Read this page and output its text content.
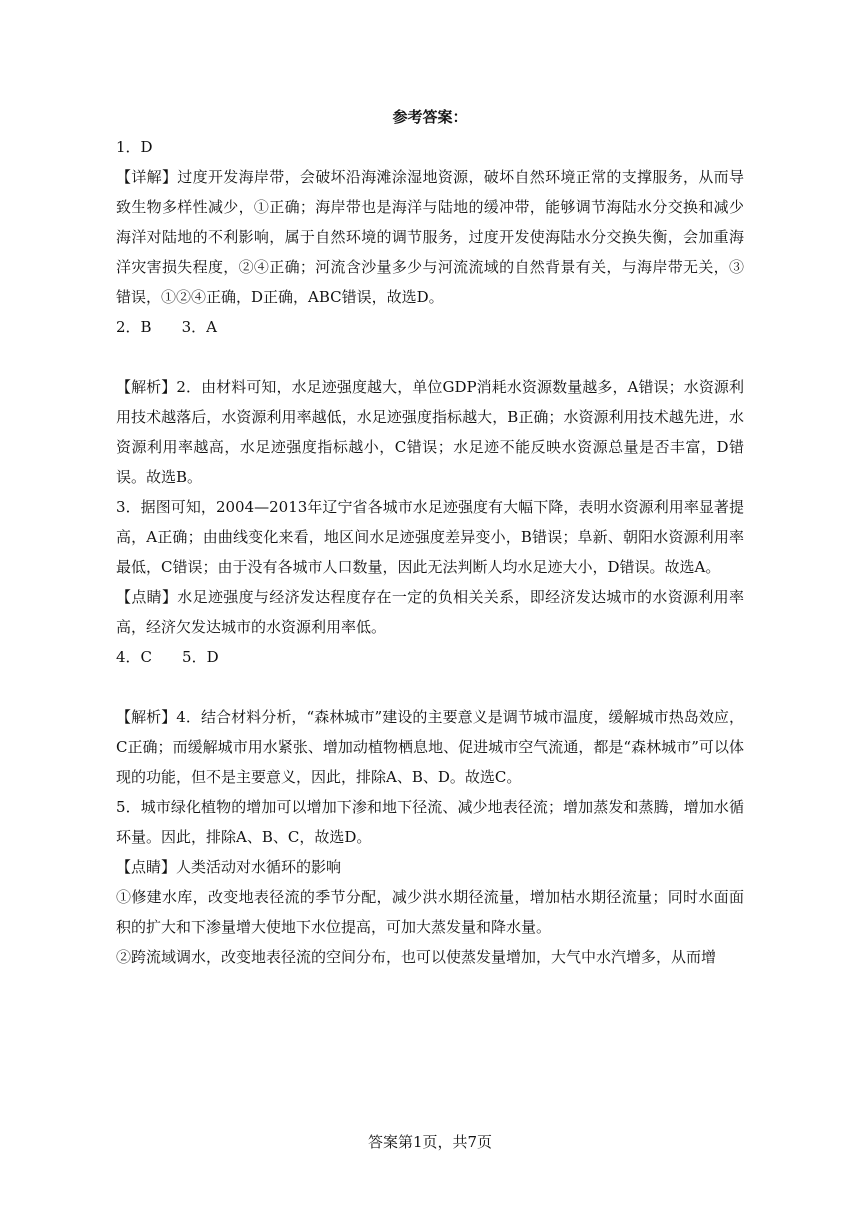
参考答案：

1．D

【详解】过度开发海岸带，会破坏沿海滩涂湿地资源，破坏自然环境正常的支撑服务，从而导致生物多样性减少，①正确；海岸带也是海洋与陆地的缓冲带，能够调节海陆水分交换和减少海洋对陆地的不利影响，属于自然环境的调节服务，过度开发使海陆水分交换失衡，会加重海洋灾害损失程度，②④正确；河流含沙量多少与河流流域的自然背景有关，与海岸带无关，③错误，①②④正确，D正确，ABC错误，故选D。

2．B　　3．A

【解析】2．由材料可知，水足迹强度越大，单位GDP消耗水资源数量越多，A错误；水资源利用技术越落后，水资源利用率越低，水足迹强度指标越大，B正确；水资源利用技术越先进，水资源利用率越高，水足迹强度指标越小，C错误；水足迹不能反映水资源总量是否丰富，D错误。故选B。

3．据图可知，2004—2013年辽宁省各城市水足迹强度有大幅下降，表明水资源利用率显著提高，A正确；由曲线变化来看，地区间水足迹强度差异变小，B错误；阜新、朝阳水资源利用率最低，C错误；由于没有各城市人口数量，因此无法判断人均水足迹大小，D错误。故选A。

【点睛】水足迹强度与经济发达程度存在一定的负相关关系，即经济发达城市的水资源利用率高，经济欠发达城市的水资源利用率低。

4．C　　5．D

【解析】4．结合材料分析，“森林城市”建设的主要意义是调节城市温度，缓解城市热岛效应，C正确；而缓解城市用水紧张、增加动植物栖息地、促进城市空气流通，都是“森林城市”可以体现的功能，但不是主要意义，因此，排除A、B、D。故选C。

5．城市绿化植物的增加可以增加下渗和地下径流、减少地表径流；增加蒸发和蒸腾，增加水循环量。因此，排除A、B、C，故选D。

【点睛】人类活动对水循环的影响

①修建水库，改变地表径流的季节分配，减少洪水期径流量，增加枯水期径流量；同时水面面积的扩大和下渗量增大使地下水位提高，可加大蒸发量和降水量。

②跨流域调水，改变地表径流的空间分布，也可以使蒸发量增加，大气中水汽增多，从而增

答案第1页，共7页
